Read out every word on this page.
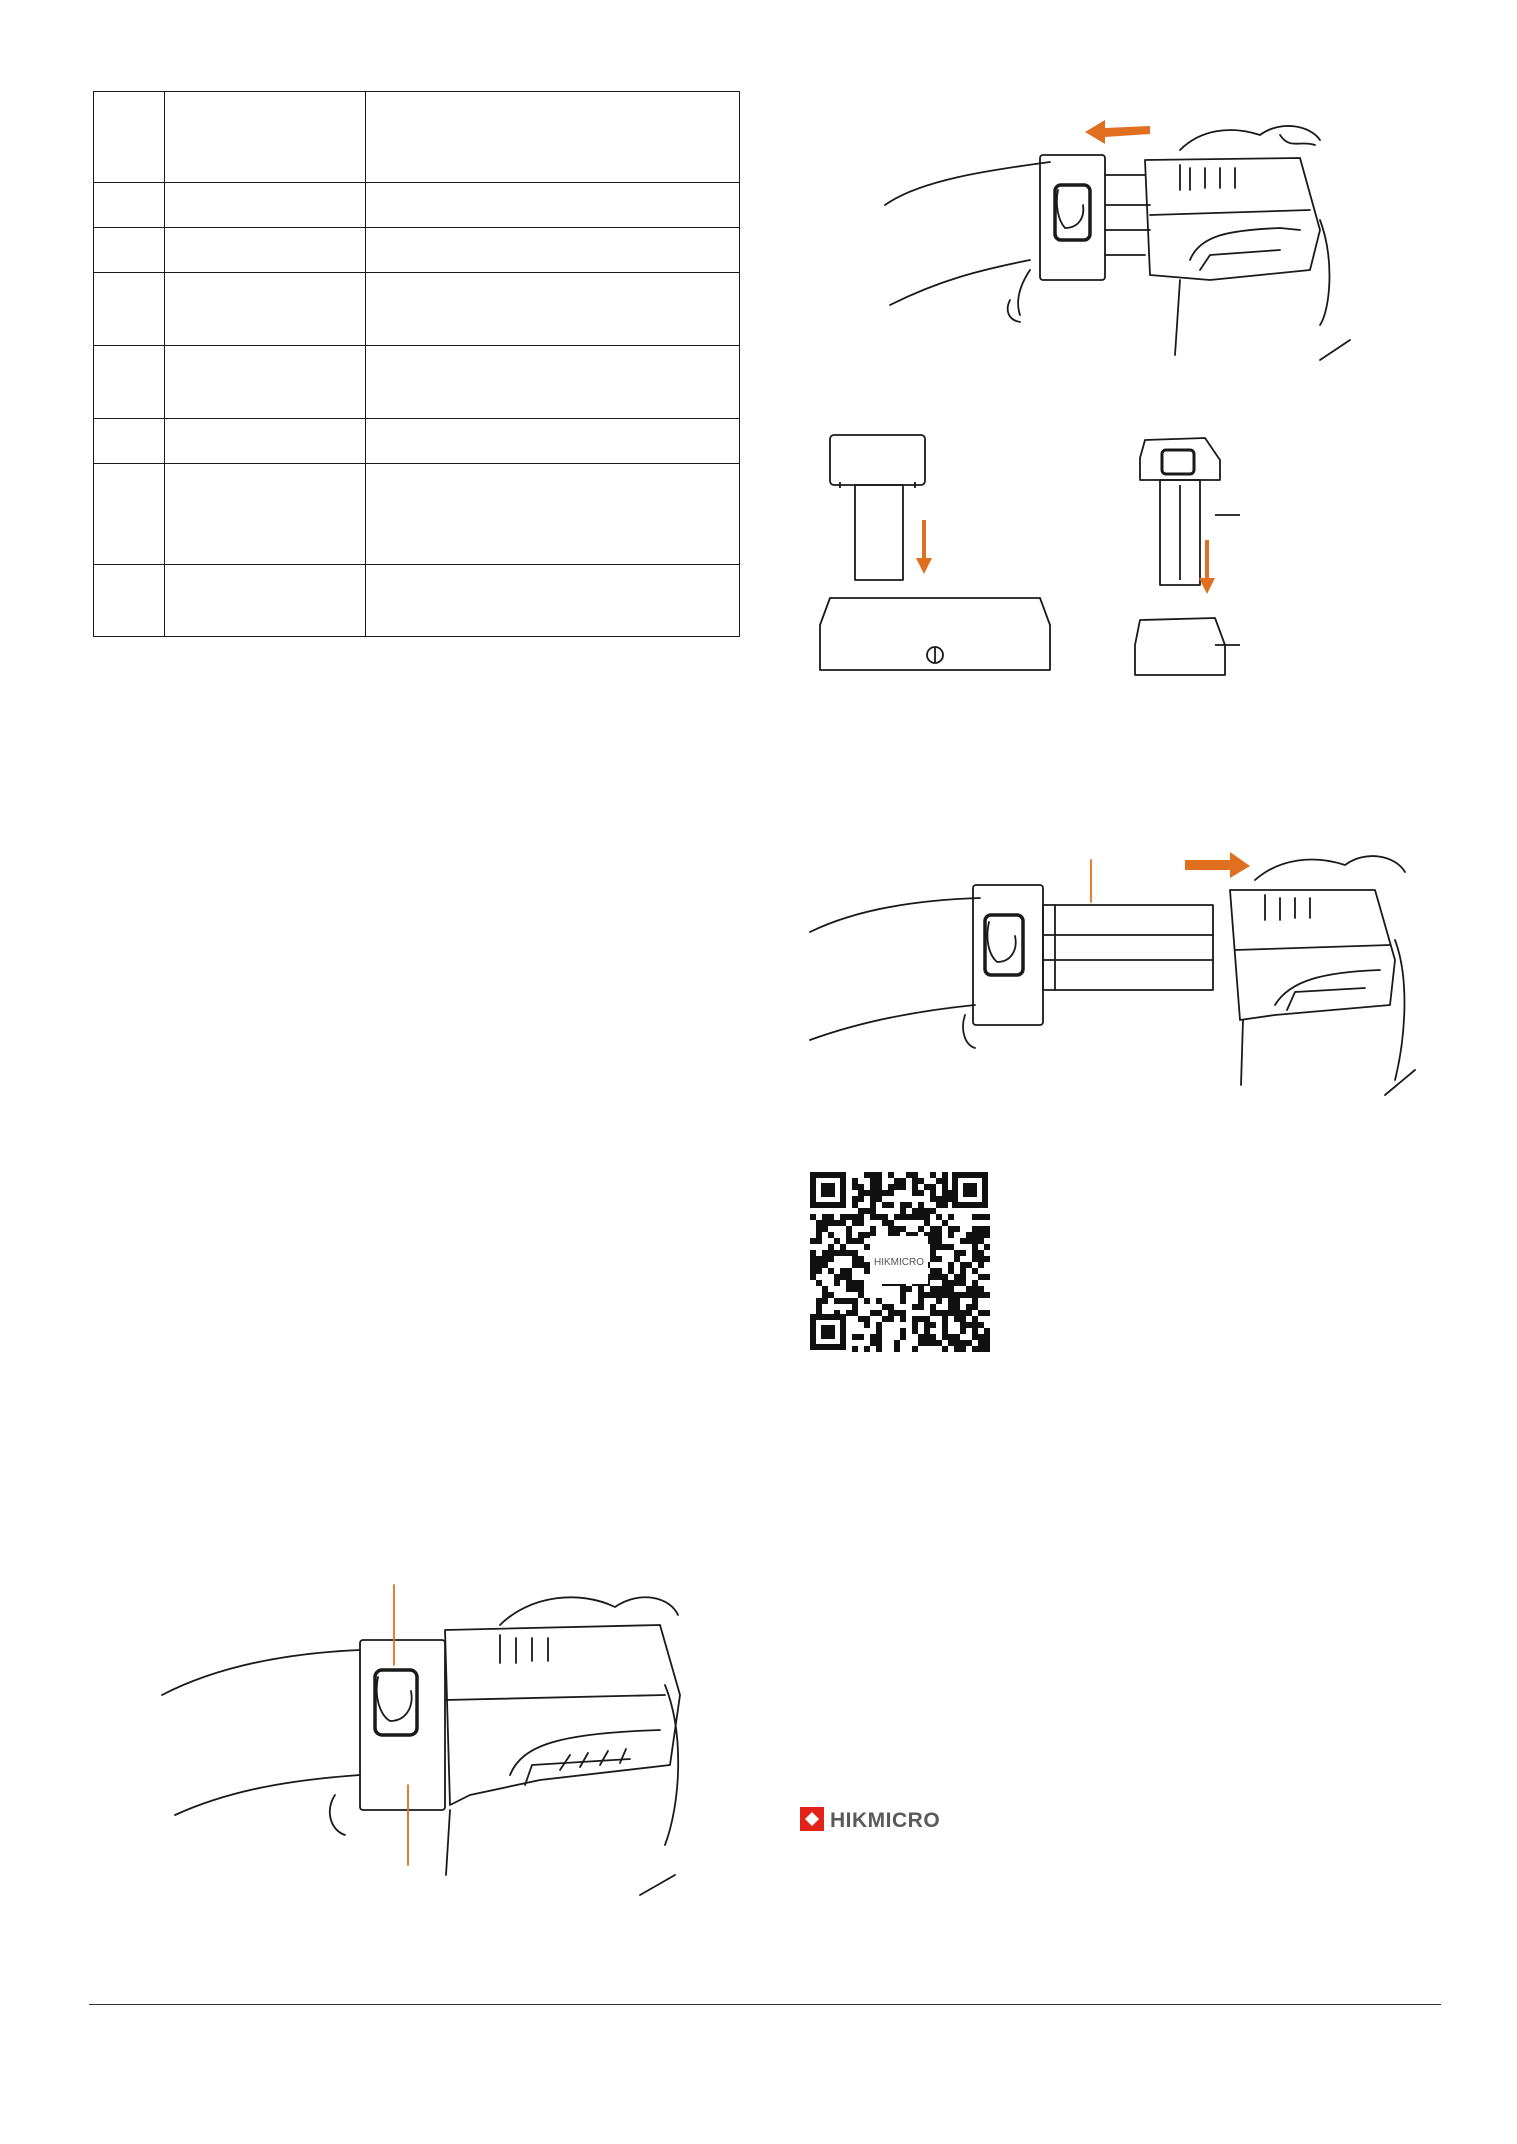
HIKMICRO
HIKMICRO
